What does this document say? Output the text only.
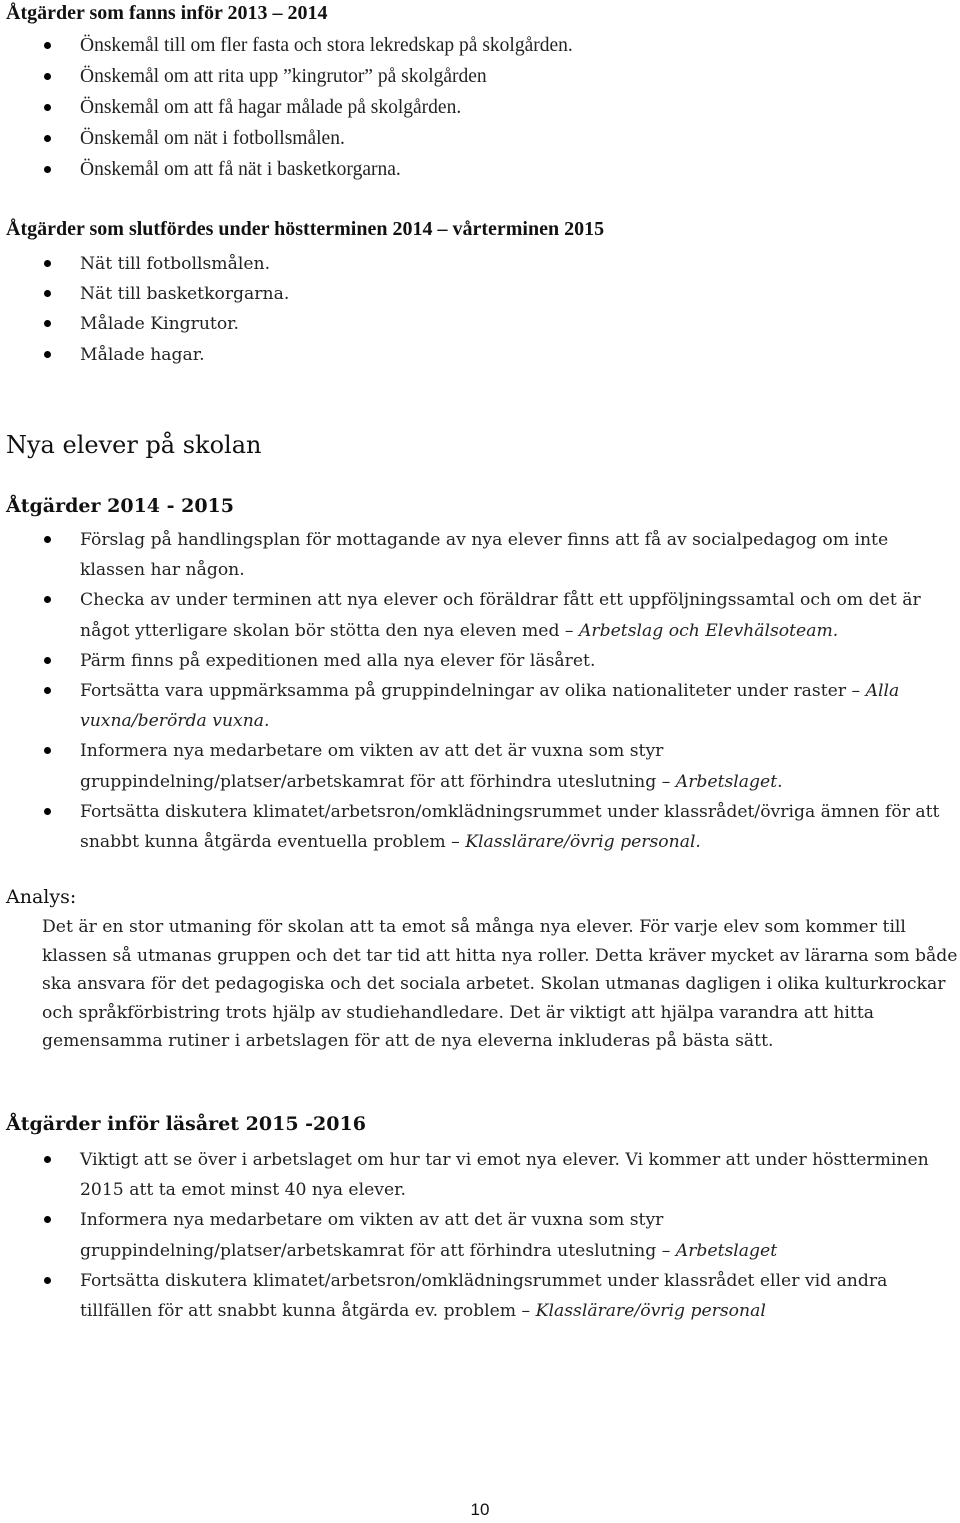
Åtgärder som fanns inför 2013 – 2014
Önskemål till om fler fasta och stora lekredskap på skolgården.
Önskemål om att rita upp ”kingrutor” på skolgården
Önskemål om att få hagar målade på skolgården.
Önskemål om nät i fotbollsmålen.
Önskemål om att få nät i basketkorgarna.
Åtgärder som slutfördes under höstterminen 2014 – vårterminen 2015
Nät till fotbollsmålen.
Nät till basketkorgarna.
Målade Kingrutor.
Målade hagar.
Nya elever på skolan
Åtgärder 2014 - 2015
Förslag på handlingsplan för mottagande av nya elever finns att få av socialpedagog om inte klassen har någon.
Checka av under terminen att nya elever och föräldrar fått ett uppföljningssamtal och om det är något ytterligare skolan bör stötta den nya eleven med – Arbetslag och Elevhälsoteam.
Pärm finns på expeditionen med alla nya elever för läsåret.
Fortsätta vara uppmärksamma på gruppindelningar av olika nationaliteter under raster – Alla vuxna/berörda vuxna.
Informera nya medarbetare om vikten av att det är vuxna som styr gruppindelning/platser/arbetskamrat för att förhindra uteslutning – Arbetslaget.
Fortsätta diskutera klimatet/arbetsron/omklädningsrummet under klassrådet/övriga ämnen för att snabbt kunna åtgärda eventuella problem – Klasslärare/övrig personal.
Analys:
Det är en stor utmaning för skolan att ta emot så många nya elever. För varje elev som kommer till klassen så utmanas gruppen och det tar tid att hitta nya roller. Detta kräver mycket av lärarna som både ska ansvara för det pedagogiska och det sociala arbetet. Skolan utmanas dagligen i olika kulturkrockar och språkförbistring trots hjälp av studiehandledare. Det är viktigt att hjälpa varandra att hitta gemensamma rutiner i arbetslagen för att de nya eleverna inkluderas på bästa sätt.
Åtgärder inför läsåret 2015 -2016
Viktigt att se över i arbetslaget om hur tar vi emot nya elever. Vi kommer att under höstterminen 2015 att ta emot minst 40 nya elever.
Informera nya medarbetare om vikten av att det är vuxna som styr gruppindelning/platser/arbetskamrat för att förhindra uteslutning – Arbetslaget
Fortsätta diskutera klimatet/arbetsron/omklädningsrummet under klassrådet eller vid andra tillfällen för att snabbt kunna åtgärda ev. problem – Klasslärare/övrig personal
10
